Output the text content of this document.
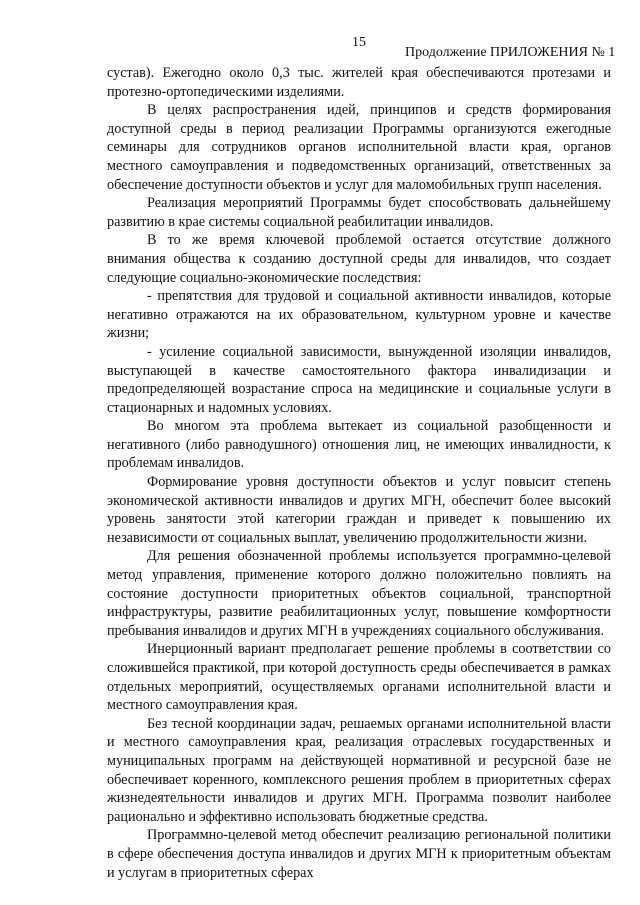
15
Продолжение ПРИЛОЖЕНИЯ № 1

сустав). Ежегодно около 0,3 тыс. жителей края обеспечиваются протезами и протезно-ортопедическими изделиями.

В целях распространения идей, принципов и средств формирования доступной среды в период реализации Программы организуются ежегодные семинары для сотрудников органов исполнительной власти края, органов местного самоуправления и подведомственных организаций, ответственных за обеспечение доступности объектов и услуг для маломобильных групп населения.

Реализация мероприятий Программы будет способствовать дальнейшему развитию в крае системы социальной реабилитации инвалидов.

В то же время ключевой проблемой остается отсутствие должного внимания общества к созданию доступной среды для инвалидов, что создает следующие социально-экономические последствия:

- препятствия для трудовой и социальной активности инвалидов, которые негативно отражаются на их образовательном, культурном уровне и качестве жизни;

- усиление социальной зависимости, вынужденной изоляции инвалидов, выступающей в качестве самостоятельного фактора инвалидизации и предопределяющей возрастание спроса на медицинские и социальные услуги в стационарных и надомных условиях.

Во многом эта проблема вытекает из социальной разобщенности и негативного (либо равнодушного) отношения лиц, не имеющих инвалидности, к проблемам инвалидов.

Формирование уровня доступности объектов и услуг повысит степень экономической активности инвалидов и других МГН, обеспечит более высокий уровень занятости этой категории граждан и приведет к повышению их независимости от социальных выплат, увеличению продолжительности жизни.

Для решения обозначенной проблемы используется программно-целевой метод управления, применение которого должно положительно повлиять на состояние доступности приоритетных объектов социальной, транспортной инфраструктуры, развитие реабилитационных услуг, повышение комфортности пребывания инвалидов и других МГН в учреждениях социального обслуживания.

Инерционный вариант предполагает решение проблемы в соответствии со сложившейся практикой, при которой доступность среды обеспечивается в рамках отдельных мероприятий, осуществляемых органами исполнительной власти и местного самоуправления края.

Без тесной координации задач, решаемых органами исполнительной власти и местного самоуправления края, реализация отраслевых государственных и муниципальных программ на действующей нормативной и ресурсной базе не обеспечивает коренного, комплексного решения проблем в приоритетных сферах жизнедеятельности инвалидов и других МГН. Программа позволит наиболее рационально и эффективно использовать бюджетные средства.

Программно-целевой метод обеспечит реализацию региональной политики в сфере обеспечения доступа инвалидов и других МГН к приоритетным объектам и услугам в приоритетных сферах
